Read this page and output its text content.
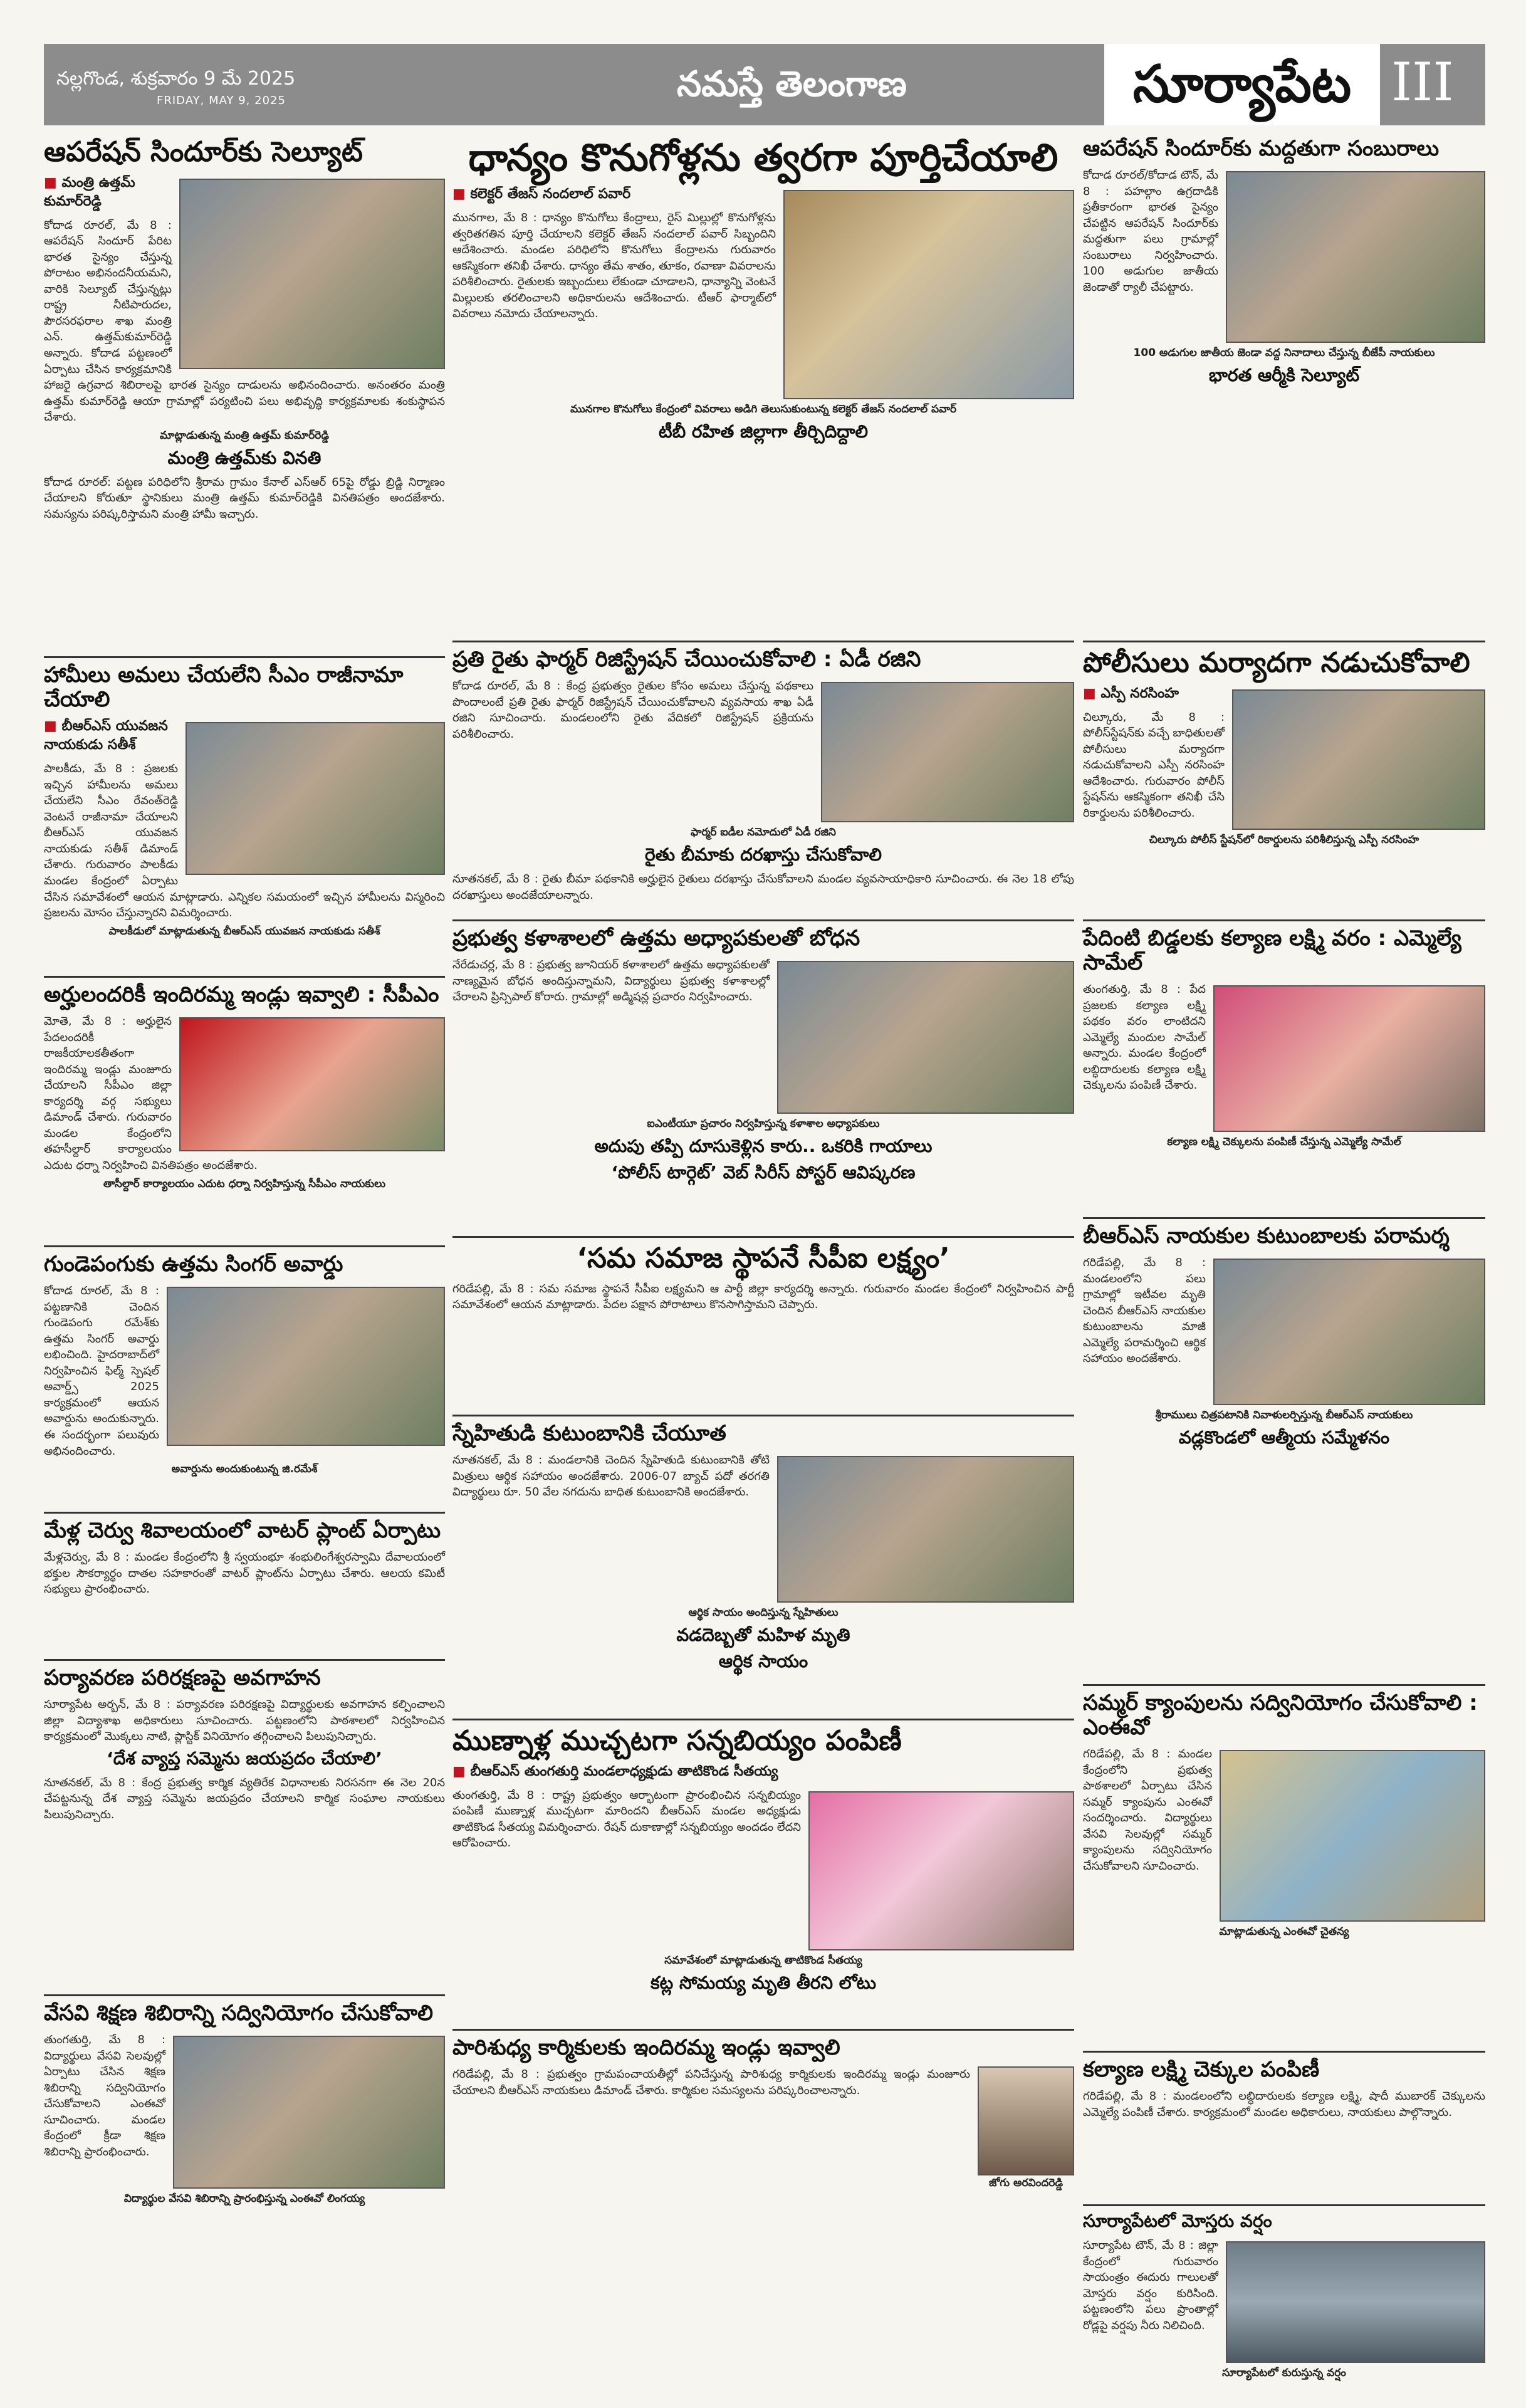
నల్లగొండ, శుక్రవారం 9 మే 2025
FRIDAY, MAY 9, 2025	నమస్తే తెలంగాణ	సూర్యాపేట III
ఆపరేషన్ సిందూర్‌కు సెల్యూట్
■ మంత్రి ఉత్తమ్ కుమార్‌రెడ్డి

కోదాడ రూరల్, మే 8 : ఆపరేషన్ సిందూర్ పేరిట భారత సైన్యం చేస్తున్న పోరాటం అభినందనీయమని, వారికి సెల్యూట్ చేస్తున్నట్లు రాష్ట్ర నీటిపారుదల, పౌరసరఫరాల శాఖ మంత్రి ఎన్. ఉత్తమ్‌కుమార్‌రెడ్డి అన్నారు. కోదాడ పట్టణంలో ఏర్పాటు చేసిన కార్యక్రమానికి హాజరై ఉగ్రవాద శిబిరాలపై భారత సైన్యం దాడులను అభినందించారు. అనంతరం మంత్రి ఉత్తమ్ కుమార్‌రెడ్డి ఆయా గ్రామాల్లో పర్యటించి పలు అభివృద్ధి కార్యక్రమాలకు శంకుస్థాపన చేశారు.

మాట్లాడుతున్న మంత్రి ఉత్తమ్ కుమార్‌రెడ్డి
మంత్రి ఉత్తమ్‌కు వినతి

కోదాడ రూరల్: పట్టణ పరిధిలోని శ్రీరామ గ్రామం కేనాల్ ఎస్‌ఆర్ 65పై రోడ్డు బ్రిడ్జి నిర్మాణం చేయాలని కోరుతూ స్థానికులు మంత్రి ఉత్తమ్ కుమార్‌రెడ్డికి వినతిపత్రం అందజేశారు. సమస్యను పరిష్కరిస్తామని మంత్రి హామీ ఇచ్చారు.

హామీలు అమలు చేయలేని సీఎం రాజీనామా చేయాలి
■ బీఆర్ఎస్ యువజన నాయకుడు సతీశ్

పాలకీడు, మే 8 : ప్రజలకు ఇచ్చిన హామీలను అమలు చేయలేని సీఎం రేవంత్‌రెడ్డి వెంటనే రాజీనామా చేయాలని బీఆర్ఎస్ యువజన నాయకుడు సతీశ్ డిమాండ్ చేశారు. గురువారం పాలకీడు మండల కేంద్రంలో ఏర్పాటు చేసిన సమావేశంలో ఆయన మాట్లాడారు. ఎన్నికల సమయంలో ఇచ్చిన హామీలను విస్మరించి ప్రజలను మోసం చేస్తున్నారని విమర్శించారు.

పాలకీడులో మాట్లాడుతున్న బీఆర్ఎస్ యువజన నాయకుడు సతీశ్
అర్హులందరికీ ఇందిరమ్మ ఇండ్లు ఇవ్వాలి : సీపీఎం

మోతె, మే 8 : అర్హులైన పేదలందరికీ రాజకీయాలకతీతంగా ఇందిరమ్మ ఇండ్లు మంజూరు చేయాలని సీపీఎం జిల్లా కార్యదర్శి వర్గ సభ్యులు డిమాండ్ చేశారు. గురువారం మండల కేంద్రంలోని తహసీల్దార్ కార్యాలయం ఎదుట ధర్నా నిర్వహించి వినతిపత్రం అందజేశారు.

తాసీల్దార్ కార్యాలయం ఎదుట ధర్నా నిర్వహిస్తున్న సీపీఎం నాయకులు
గుండెపంగుకు ఉత్తమ సింగర్ అవార్డు

కోదాడ రూరల్, మే 8 : పట్టణానికి చెందిన గుండెపంగు రమేశ్‌కు ఉత్తమ సింగర్ అవార్డు లభించింది. హైదరాబాద్‌లో నిర్వహించిన ఫిల్మ్ స్పెషల్ అవార్డ్స్ 2025 కార్యక్రమంలో ఆయన అవార్డును అందుకున్నారు. ఈ సందర్భంగా పలువురు అభినందించారు.

అవార్డును అందుకుంటున్న జి.రమేశ్
మేళ్ల చెర్వు శివాలయంలో వాటర్ ప్లాంట్ ఏర్పాటు

మేళ్లచెర్వు, మే 8 : మండల కేంద్రంలోని శ్రీ స్వయంభూ శంభులింగేశ్వరస్వామి దేవాలయంలో భక్తుల సౌకర్యార్థం దాతల సహకారంతో వాటర్ ప్లాంట్‌ను ఏర్పాటు చేశారు. ఆలయ కమిటీ సభ్యులు ప్రారంభించారు.

పర్యావరణ పరిరక్షణపై అవగాహన

సూర్యాపేట అర్బన్, మే 8 : పర్యావరణ పరిరక్షణపై విద్యార్థులకు అవగాహన కల్పించాలని జిల్లా విద్యాశాఖ అధికారులు సూచించారు. పట్టణంలోని పాఠశాలలో నిర్వహించిన కార్యక్రమంలో మొక్కలు నాటి, ప్లాస్టిక్ వినియోగం తగ్గించాలని పిలుపునిచ్చారు.

‘దేశ వ్యాప్త సమ్మెను జయప్రదం చేయాలి’

నూతనకల్, మే 8 : కేంద్ర ప్రభుత్వ కార్మిక వ్యతిరేక విధానాలకు నిరసనగా ఈ నెల 20న చేపట్టనున్న దేశ వ్యాప్త సమ్మెను జయప్రదం చేయాలని కార్మిక సంఘాల నాయకులు పిలుపునిచ్చారు.

వేసవి శిక్షణ శిబిరాన్ని సద్వినియోగం చేసుకోవాలి

తుంగతుర్తి, మే 8 : విద్యార్థులు వేసవి సెలవుల్లో ఏర్పాటు చేసిన శిక్షణ శిబిరాన్ని సద్వినియోగం చేసుకోవాలని ఎంఈవో సూచించారు. మండల కేంద్రంలో క్రీడా శిక్షణ శిబిరాన్ని ప్రారంభించారు.

విద్యార్థుల వేసవి శిబిరాన్ని ప్రారంభిస్తున్న ఎంఈవో లింగయ్య
ధాన్యం కొనుగోళ్లను త్వరగా పూర్తిచేయాలి
■ కలెక్టర్ తేజస్ నందలాల్ పవార్

మునగాల, మే 8 : ధాన్యం కొనుగోలు కేంద్రాలు, రైస్ మిల్లుల్లో కొనుగోళ్లను త్వరితగతిన పూర్తి చేయాలని కలెక్టర్ తేజస్ నందలాల్ పవార్ సిబ్బందిని ఆదేశించారు. మండల పరిధిలోని కొనుగోలు కేంద్రాలను గురువారం ఆకస్మికంగా తనిఖీ చేశారు. ధాన్యం తేమ శాతం, తూకం, రవాణా వివరాలను పరిశీలించారు. రైతులకు ఇబ్బందులు లేకుండా చూడాలని, ధాన్యాన్ని వెంటనే మిల్లులకు తరలించాలని అధికారులను ఆదేశించారు. టీఆర్ ఫార్మాట్‌లో వివరాలు నమోదు చేయాలన్నారు.

మునగాల కొనుగోలు కేంద్రంలో వివరాలు అడిగి తెలుసుకుంటున్న కలెక్టర్ తేజస్ నందలాల్ పవార్
టీబీ రహిత జిల్లాగా తీర్చిదిద్దాలి
ప్రతి రైతు ఫార్మర్ రిజిస్ట్రేషన్ చేయించుకోవాలి : ఏడీ రజిని

కోదాడ రూరల్, మే 8 : కేంద్ర ప్రభుత్వం రైతుల కోసం అమలు చేస్తున్న పథకాలు పొందాలంటే ప్రతి రైతు ఫార్మర్ రిజిస్ట్రేషన్ చేయించుకోవాలని వ్యవసాయ శాఖ ఏడీ రజిని సూచించారు. మండలంలోని రైతు వేదికలో రిజిస్ట్రేషన్ ప్రక్రియను పరిశీలించారు.

ఫార్మర్ ఐడీల నమోదులో ఏడీ రజిని
రైతు బీమాకు దరఖాస్తు చేసుకోవాలి

నూతనకల్, మే 8 : రైతు బీమా పథకానికి అర్హులైన రైతులు దరఖాస్తు చేసుకోవాలని మండల వ్యవసాయాధికారి సూచించారు. ఈ నెల 18 లోపు దరఖాస్తులు అందజేయాలన్నారు.

ప్రభుత్వ కళాశాలలో ఉత్తమ అధ్యాపకులతో బోధన

నేరేడుచర్ల, మే 8 : ప్రభుత్వ జూనియర్ కళాశాలలో ఉత్తమ అధ్యాపకులతో నాణ్యమైన బోధన అందిస్తున్నామని, విద్యార్థులు ప్రభుత్వ కళాశాలల్లో చేరాలని ప్రిన్సిపాల్ కోరారు. గ్రామాల్లో అడ్మిషన్ల ప్రచారం నిర్వహించారు.

ఐఎంటీయూ ప్రచారం నిర్వహిస్తున్న కళాశాల అధ్యాపకులు
అదుపు తప్పి దూసుకెళ్లిన కారు.. ఒకరికి గాయాలు
‘పోలీస్ టార్గెట్’ వెబ్ సిరీస్ పోస్టర్ ఆవిష్కరణ
‘సమ సమాజ స్థాపనే సీపీఐ లక్ష్యం’

గరిడేపల్లి, మే 8 : సమ సమాజ స్థాపనే సీపీఐ లక్ష్యమని ఆ పార్టీ జిల్లా కార్యదర్శి అన్నారు. గురువారం మండల కేంద్రంలో నిర్వహించిన పార్టీ సమావేశంలో ఆయన మాట్లాడారు. పేదల పక్షాన పోరాటాలు కొనసాగిస్తామని చెప్పారు.

స్నేహితుడి కుటుంబానికి చేయూత

నూతనకల్, మే 8 : మండలానికి చెందిన స్నేహితుడి కుటుంబానికి తోటి మిత్రులు ఆర్థిక సహాయం అందజేశారు. 2006-07 బ్యాచ్ పదో తరగతి విద్యార్థులు రూ. 50 వేల నగదును బాధిత కుటుంబానికి అందజేశారు.

ఆర్థిక సాయం అందిస్తున్న స్నేహితులు
వడదెబ్బతో మహిళ మృతి
ఆర్థిక సాయం
ముణ్నాళ్ల ముచ్చటగా సన్నబియ్యం పంపిణీ
■ బీఆర్ఎస్ తుంగతుర్తి మండలాధ్యక్షుడు తాటికొండ సీతయ్య

తుంగతుర్తి, మే 8 : రాష్ట్ర ప్రభుత్వం ఆర్భాటంగా ప్రారంభించిన సన్నబియ్యం పంపిణీ ముణ్నాళ్ల ముచ్చటగా మారిందని బీఆర్ఎస్ మండల అధ్యక్షుడు తాటికొండ సీతయ్య విమర్శించారు. రేషన్ దుకాణాల్లో సన్నబియ్యం అందడం లేదని ఆరోపించారు.

సమావేశంలో మాట్లాడుతున్న తాటికొండ సీతయ్య
కట్ల సోమయ్య మృతి తీరని లోటు
పారిశుధ్య కార్మికులకు ఇందిరమ్మ ఇండ్లు ఇవ్వాలి
జోగు అరవిందరెడ్డి

గరిడేపల్లి, మే 8 : ప్రభుత్వం గ్రామపంచాయతీల్లో పనిచేస్తున్న పారిశుధ్య కార్మికులకు ఇందిరమ్మ ఇండ్లు మంజూరు చేయాలని బీఆర్ఎస్ నాయకులు డిమాండ్ చేశారు. కార్మికుల సమస్యలను పరిష్కరించాలన్నారు.

ఆపరేషన్ సిందూర్‌కు మద్దతుగా సంబురాలు

కోదాడ రూరల్/కోదాడ టౌన్, మే 8 : పహల్గాం ఉగ్రదాడికి ప్రతీకారంగా భారత సైన్యం చేపట్టిన ఆపరేషన్ సిందూర్‌కు మద్దతుగా పలు గ్రామాల్లో సంబురాలు నిర్వహించారు. 100 అడుగుల జాతీయ జెండాతో ర్యాలీ చేపట్టారు.

100 అడుగుల జాతీయ జెండా వద్ద నినాదాలు చేస్తున్న బీజేపీ నాయకులు
భారత ఆర్మీకి సెల్యూట్
పోలీసులు మర్యాదగా నడుచుకోవాలి
■ ఎస్పీ నరసింహ

చిల్కూరు, మే 8 : పోలీస్‌స్టేషన్‌కు వచ్చే బాధితులతో పోలీసులు మర్యాదగా నడుచుకోవాలని ఎస్పీ నరసింహ ఆదేశించారు. గురువారం పోలీస్ స్టేషన్‌ను ఆకస్మికంగా తనిఖీ చేసి రికార్డులను పరిశీలించారు.

చిల్కూరు పోలీస్ స్టేషన్‌లో రికార్డులను పరిశీలిస్తున్న ఎస్పీ నరసింహ
పేదింటి బిడ్డలకు కల్యాణ లక్ష్మి వరం : ఎమ్మెల్యే సామేల్

తుంగతుర్తి, మే 8 : పేద ప్రజలకు కల్యాణ లక్ష్మి పథకం వరం లాంటిదని ఎమ్మెల్యే మందుల సామేల్ అన్నారు. మండల కేంద్రంలో లబ్ధిదారులకు కల్యాణ లక్ష్మి చెక్కులను పంపిణీ చేశారు.

కల్యాణ లక్ష్మి చెక్కులను పంపిణీ చేస్తున్న ఎమ్మెల్యే సామేల్
బీఆర్ఎస్ నాయకుల కుటుంబాలకు పరామర్శ

గరిడేపల్లి, మే 8 : మండలంలోని పలు గ్రామాల్లో ఇటీవల మృతి చెందిన బీఆర్ఎస్ నాయకుల కుటుంబాలను మాజీ ఎమ్మెల్యే పరామర్శించి ఆర్థిక సహాయం అందజేశారు.

శ్రీరాములు చిత్రపటానికి నివాళులర్పిస్తున్న బీఆర్ఎస్ నాయకులు
వడ్లకొండలో ఆత్మీయ సమ్మేళనం
సమ్మర్ క్యాంపులను సద్వినియోగం చేసుకోవాలి : ఎంఈవో

గరిడేపల్లి, మే 8 : మండల కేంద్రంలోని ప్రభుత్వ పాఠశాలలో ఏర్పాటు చేసిన సమ్మర్ క్యాంపును ఎంఈవో సందర్శించారు. విద్యార్థులు వేసవి సెలవుల్లో సమ్మర్ క్యాంపులను సద్వినియోగం చేసుకోవాలని సూచించారు.

మాట్లాడుతున్న ఎంఈవో చైతన్య
కల్యాణ లక్ష్మి చెక్కుల పంపిణీ

గరిడేపల్లి, మే 8 : మండలంలోని లబ్ధిదారులకు కల్యాణ లక్ష్మి, షాదీ ముబారక్ చెక్కులను ఎమ్మెల్యే పంపిణీ చేశారు. కార్యక్రమంలో మండల అధికారులు, నాయకులు పాల్గొన్నారు.

సూర్యాపేటలో మోస్తరు వర్షం

సూర్యాపేట టౌన్, మే 8 : జిల్లా కేంద్రంలో గురువారం సాయంత్రం ఈదురు గాలులతో మోస్తరు వర్షం కురిసింది. పట్టణంలోని పలు ప్రాంతాల్లో రోడ్లపై వర్షపు నీరు నిలిచింది.

సూర్యాపేటలో కురుస్తున్న వర్షం
